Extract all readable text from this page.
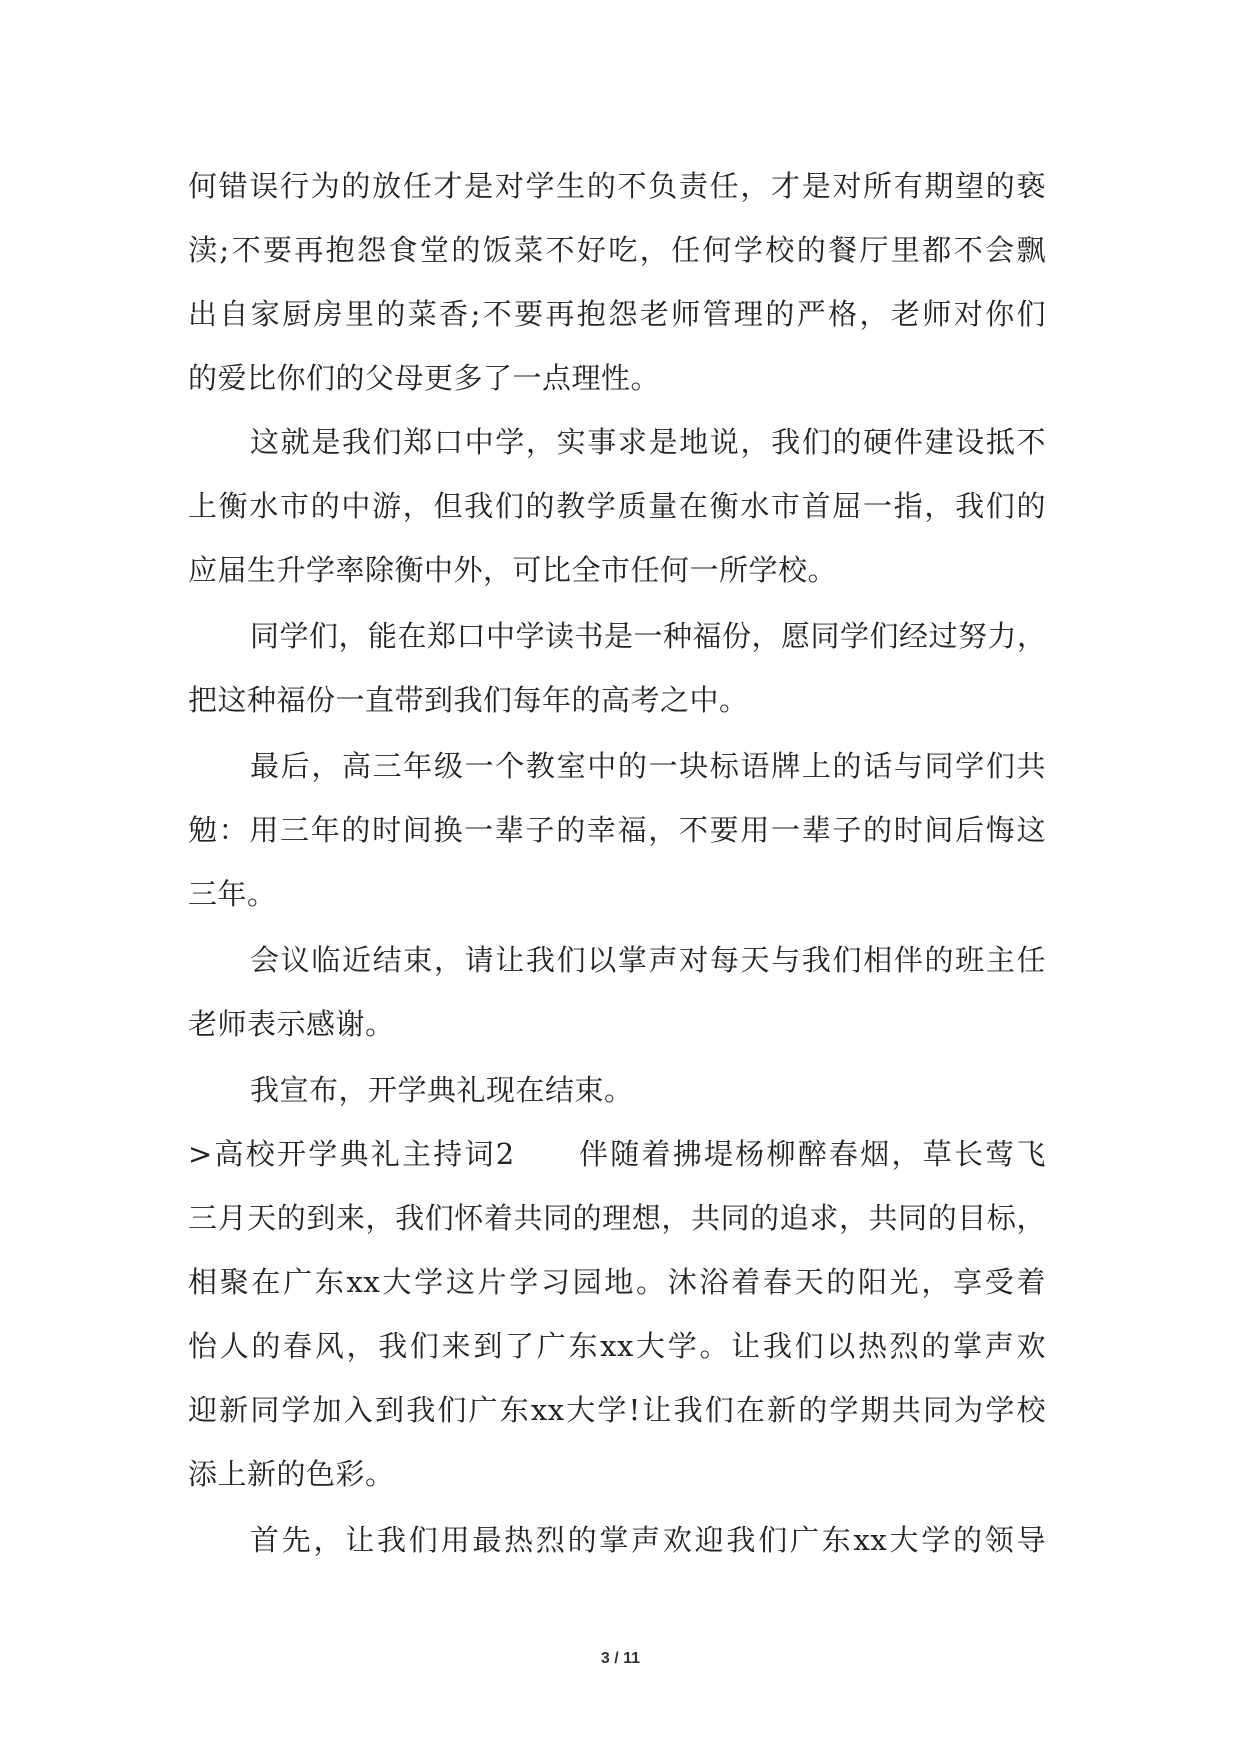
何错误行为的放任才是对学生的不负责任，才是对所有期望的亵
渎;不要再抱怨食堂的饭菜不好吃，任何学校的餐厅里都不会飘
出自家厨房里的菜香;不要再抱怨老师管理的严格，老师对你们
的爱比你们的父母更多了一点理性。
这就是我们郑口中学，实事求是地说，我们的硬件建设抵不
上衡水市的中游，但我们的教学质量在衡水市首屈一指，我们的
应届生升学率除衡中外，可比全市任何一所学校。
同学们，能在郑口中学读书是一种福份，愿同学们经过努力，
把这种福份一直带到我们每年的高考之中。
最后，高三年级一个教室中的一块标语牌上的话与同学们共
勉：用三年的时间换一辈子的幸福，不要用一辈子的时间后悔这
三年。
会议临近结束，请让我们以掌声对每天与我们相伴的班主任
老师表示感谢。
我宣布，开学典礼现在结束。
>高校开学典礼主持词2　　伴随着拂堤杨柳醉春烟，草长莺飞
三月天的到来，我们怀着共同的理想，共同的追求，共同的目标，
相聚在广东xx大学这片学习园地。沐浴着春天的阳光，享受着
怡人的春风，我们来到了广东xx大学。让我们以热烈的掌声欢
迎新同学加入到我们广东xx大学!让我们在新的学期共同为学校
添上新的色彩。
首先，让我们用最热烈的掌声欢迎我们广东xx大学的领导
3 / 11
